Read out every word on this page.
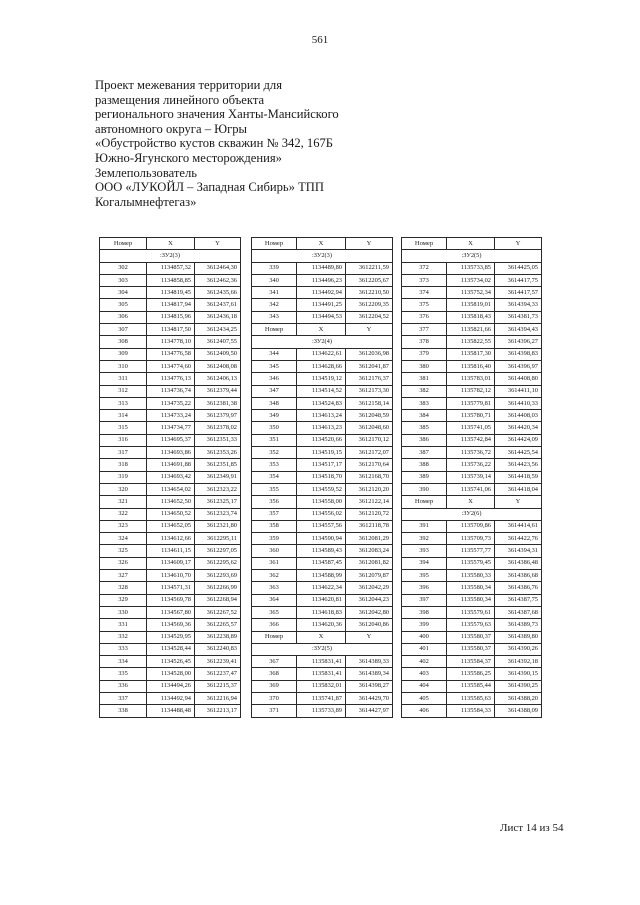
561
Проект межевания территории для
размещения линейного объекта
регионального значения Ханты-Мансийского
автономного округа – Югры
«Обустройство кустов скважин № 342, 167Б
Южно-Ягунского месторождения»
Землепользователь
ООО «ЛУКОЙЛ – Западная Сибирь» ТПП
Когалымнефтегаз»
Номер	X	Y
:ЗУ2(3)		
302	1134857,32	3612464,30
303	1134858,85	3612462,36
304	1134819,45	3612435,66
305	1134817,94	3612437,61
306	1134815,96	3612436,18
307	1134817,50	3612434,25
308	1134778,10	3612407,55
309	1134776,58	3612409,50
310	1134774,60	3612408,08
311	1134776,13	3612406,13
312	1134736,74	3612379,44
313	1134735,22	3612381,38
314	1134733,24	3612379,97
315	1134734,77	3612378,02
316	1134695,37	3612351,33
317	1134693,86	3612353,26
318	1134691,88	3612351,85
319	1134693,42	3612349,91
320	1134654,02	3612323,22
321	1134652,50	3612325,17
322	1134650,52	3612323,74
323	1134652,05	3612321,80
324	1134612,66	3612295,11
325	1134611,15	3612297,05
326	1134609,17	3612295,62
327	1134610,70	3612293,69
328	1134571,31	3612266,99
329	1134569,78	3612268,94
330	1134567,80	3612267,52
331	1134569,36	3612265,57
332	1134529,95	3612238,89
333	1134528,44	3612240,83
334	1134526,45	3612239,41
335	1134528,00	3612237,47
336	1134494,26	3612215,37
337	1134492,94	3612216,94
338	1134488,48	3612213,17
Номер	X	Y
:ЗУ2(3)		
339	1134489,80	3612211,59
340	1134496,23	3612205,67
341	1134492,94	3612210,50
342	1134491,25	3612209,35
343	1134494,53	3612204,52
Номер	X	Y
:ЗУ2(4)		
344	1134622,61	3612036,98
345	1134628,66	3612041,87
346	1134519,12	3612176,37
347	1134514,52	3612173,30
348	1134524,83	3612158,14
349	1134613,24	3612048,59
350	1134613,23	3612048,60
351	1134520,66	3612170,12
352	1134519,15	3612172,07
353	1134517,17	3612170,64
354	1134518,70	3612168,70
355	1134559,52	3612120,20
356	1134558,00	3612122,14
357	1134556,02	3612120,72
358	1134557,56	3612118,78
359	1134590,94	3612081,29
360	1134589,43	3612083,24
361	1134587,45	3612081,82
362	1134588,99	3612079,87
363	1134622,34	3612042,29
364	1134620,81	3612044,23
365	1134618,83	3612042,80
366	1134620,36	3612040,86
Номер	X	Y
:ЗУ2(5)		
367	1135831,41	3614389,33
368	1135831,41	3614389,34
369	1135832,01	3614398,27
370	1135741,87	3614429,70
371	1135733,89	3614427,97
Номер	X	Y
:ЗУ2(5)		
372	1135733,85	3614425,05
373	1135734,02	3614417,75
374	1135752,34	3614417,57
375	1135819,01	3614394,33
376	1135818,43	3614381,73
377	1135821,66	3614394,43
378	1135822,55	3614396,27
379	1135817,30	3614398,83
380	1135816,40	3614396,97
381	1135783,01	3614408,80
382	1135782,12	3614411,10
383	1135779,81	3614410,33
384	1135780,71	3614408,03
385	1135741,05	3614420,34
386	1135742,84	3614424,09
387	1135736,72	3614425,54
388	1135736,22	3614423,56
389	1135739,14	3614418,59
390	1135741,06	3614418,04
Номер	X	Y
:ЗУ2(6)		
391	1135709,86	3614414,61
392	1135709,73	3614422,76
393	1135577,77	3614394,31
394	1135579,45	3614386,48
395	1135580,33	3614386,68
396	1135580,34	3614386,76
397	1135580,34	3614387,75
398	1135579,61	3614387,68
399	1135579,63	3614389,73
400	1135580,37	3614389,80
401	1135580,37	3614390,26
402	1135584,37	3614392,18
403	1135586,25	3614390,15
404	1135585,44	3614390,25
405	1135585,63	3614388,20
406	1135584,33	3614388,09
Лист 14 из 54
